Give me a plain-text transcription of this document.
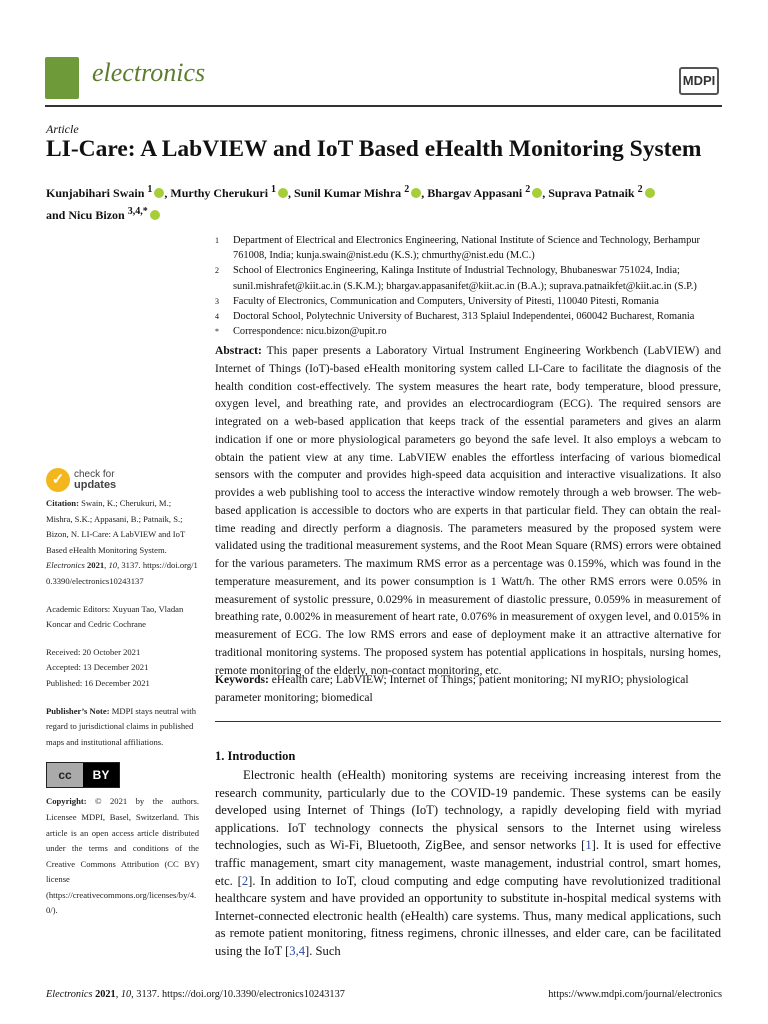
electronics	MDPI
Article
LI-Care: A LabVIEW and IoT Based eHealth Monitoring System
Kunjabihari Swain $^1$ , Murthy Cherukuri $^1$ , Sunil Kumar Mishra $^2$ , Bhargav Appasani $^2$ , Suprava Patnaik $^2$
and Nicu Bizon $^{3,4,*}$
1	Department of Electrical and Electronics Engineering, National Institute of Science and Technology, Berhampur 761008, India; kunja.swain@nist.edu (K.S.); chmurthy@nist.edu (M.C.)
2	School of Electronics Engineering, Kalinga Institute of Industrial Technology, Bhubaneswar 751024, India; sunil.mishrafet@kiit.ac.in (S.K.M.); bhargav.appasanifet@kiit.ac.in (B.A.); suprava.patnaikfet@kiit.ac.in (S.P.)
3	Faculty of Electronics, Communication and Computers, University of Pitesti, 110040 Pitesti, Romania
4	Doctoral School, Polytechnic University of Bucharest, 313 Splaiul Independentei, 060042 Bucharest, Romania
*	Correspondence: nicu.bizon@upit.ro
Abstract: This paper presents a Laboratory Virtual Instrument Engineering Workbench (LabVIEW) and Internet of Things (IoT)-based eHealth monitoring system called LI-Care to facilitate the diagnosis of the health condition cost-effectively. The system measures the heart rate, body temperature, blood pressure, oxygen level, and breathing rate, and provides an electrocardiogram (ECG). The required sensors are integrated on a web-based application that keeps track of the essential parameters and gives an alarm indication if one or more physiological parameters go beyond the safe level. It also employs a webcam to obtain the patient view at any time. LabVIEW enables the effortless interfacing of various biomedical sensors with the computer and provides high-speed data acquisition and interactive visualizations. It also provides a web publishing tool to access the interactive window remotely through a web browser. The web-based application is accessible to doctors who are experts in that particular field. They can obtain the real-time reading and directly perform a diagnosis. The parameters measured by the proposed system were validated using the traditional measurement systems, and the Root Mean Square (RMS) errors were obtained for the various parameters. The maximum RMS error as a percentage was 0.159%, which was found in the temperature measurement, and its power consumption is 1 Watt/h. The other RMS errors were 0.05% in measurement of systolic pressure, 0.029% in measurement of diastolic pressure, 0.059% in measurement of breathing rate, 0.002% in measurement of heart rate, 0.076% in measurement of oxygen level, and 0.015% in measurement of ECG. The low RMS errors and ease of deployment make it an attractive alternative for traditional monitoring systems. The proposed system has potential applications in hospitals, nursing homes, remote monitoring of the elderly, non-contact monitoring, etc.
Keywords: eHealth care; LabVIEW; Internet of Things; patient monitoring; NI myRIO; physiological parameter monitoring; biomedical
1. Introduction
Electronic health (eHealth) monitoring systems are receiving increasing interest from the research community, particularly due to the COVID-19 pandemic. These systems can be easily developed using Internet of Things (IoT) technology, a rapidly developing field with myriad applications. IoT technology connects the physical sensors to the Internet using wireless technologies, such as Wi-Fi, Bluetooth, ZigBee, and sensor networks [1]. It is used for effective traffic management, smart city management, waste management, industrial control, smart homes, etc. [2]. In addition to IoT, cloud computing and edge computing have revolutionized traditional healthcare system and have provided an opportunity to substitute in-hospital medical systems with Internet-connected electronic health (eHealth) care systems. Thus, many medical applications, such as remote patient monitoring, fitness regimens, chronic illnesses, and elder care, can be facilitated using the IoT [3,4]. Such
✓ check for
updates

Citation: Swain, K.; Cherukuri, M.; Mishra, S.K.; Appasani, B.; Patnaik, S.; Bizon, N. LI-Care: A LabVIEW and IoT Based eHealth Monitoring System. Electronics 2021, 10, 3137. https://doi.org/10.3390/electronics10243137

Academic Editors: Xuyuan Tao, Vladan Koncar and Cedric Cochrane

Received: 20 October 2021
Accepted: 13 December 2021
Published: 16 December 2021

Publisher’s Note: MDPI stays neutral with regard to jurisdictional claims in published maps and institutional affiliations.

cc	BY

Copyright: © 2021 by the authors. Licensee MDPI, Basel, Switzerland. This article is an open access article distributed under the terms and conditions of the Creative Commons Attribution (CC BY) license (https://creativecommons.org/licenses/by/4.0/).

Electronics 2021, 10, 3137. https://doi.org/10.3390/electronics10243137	https://www.mdpi.com/journal/electronics
